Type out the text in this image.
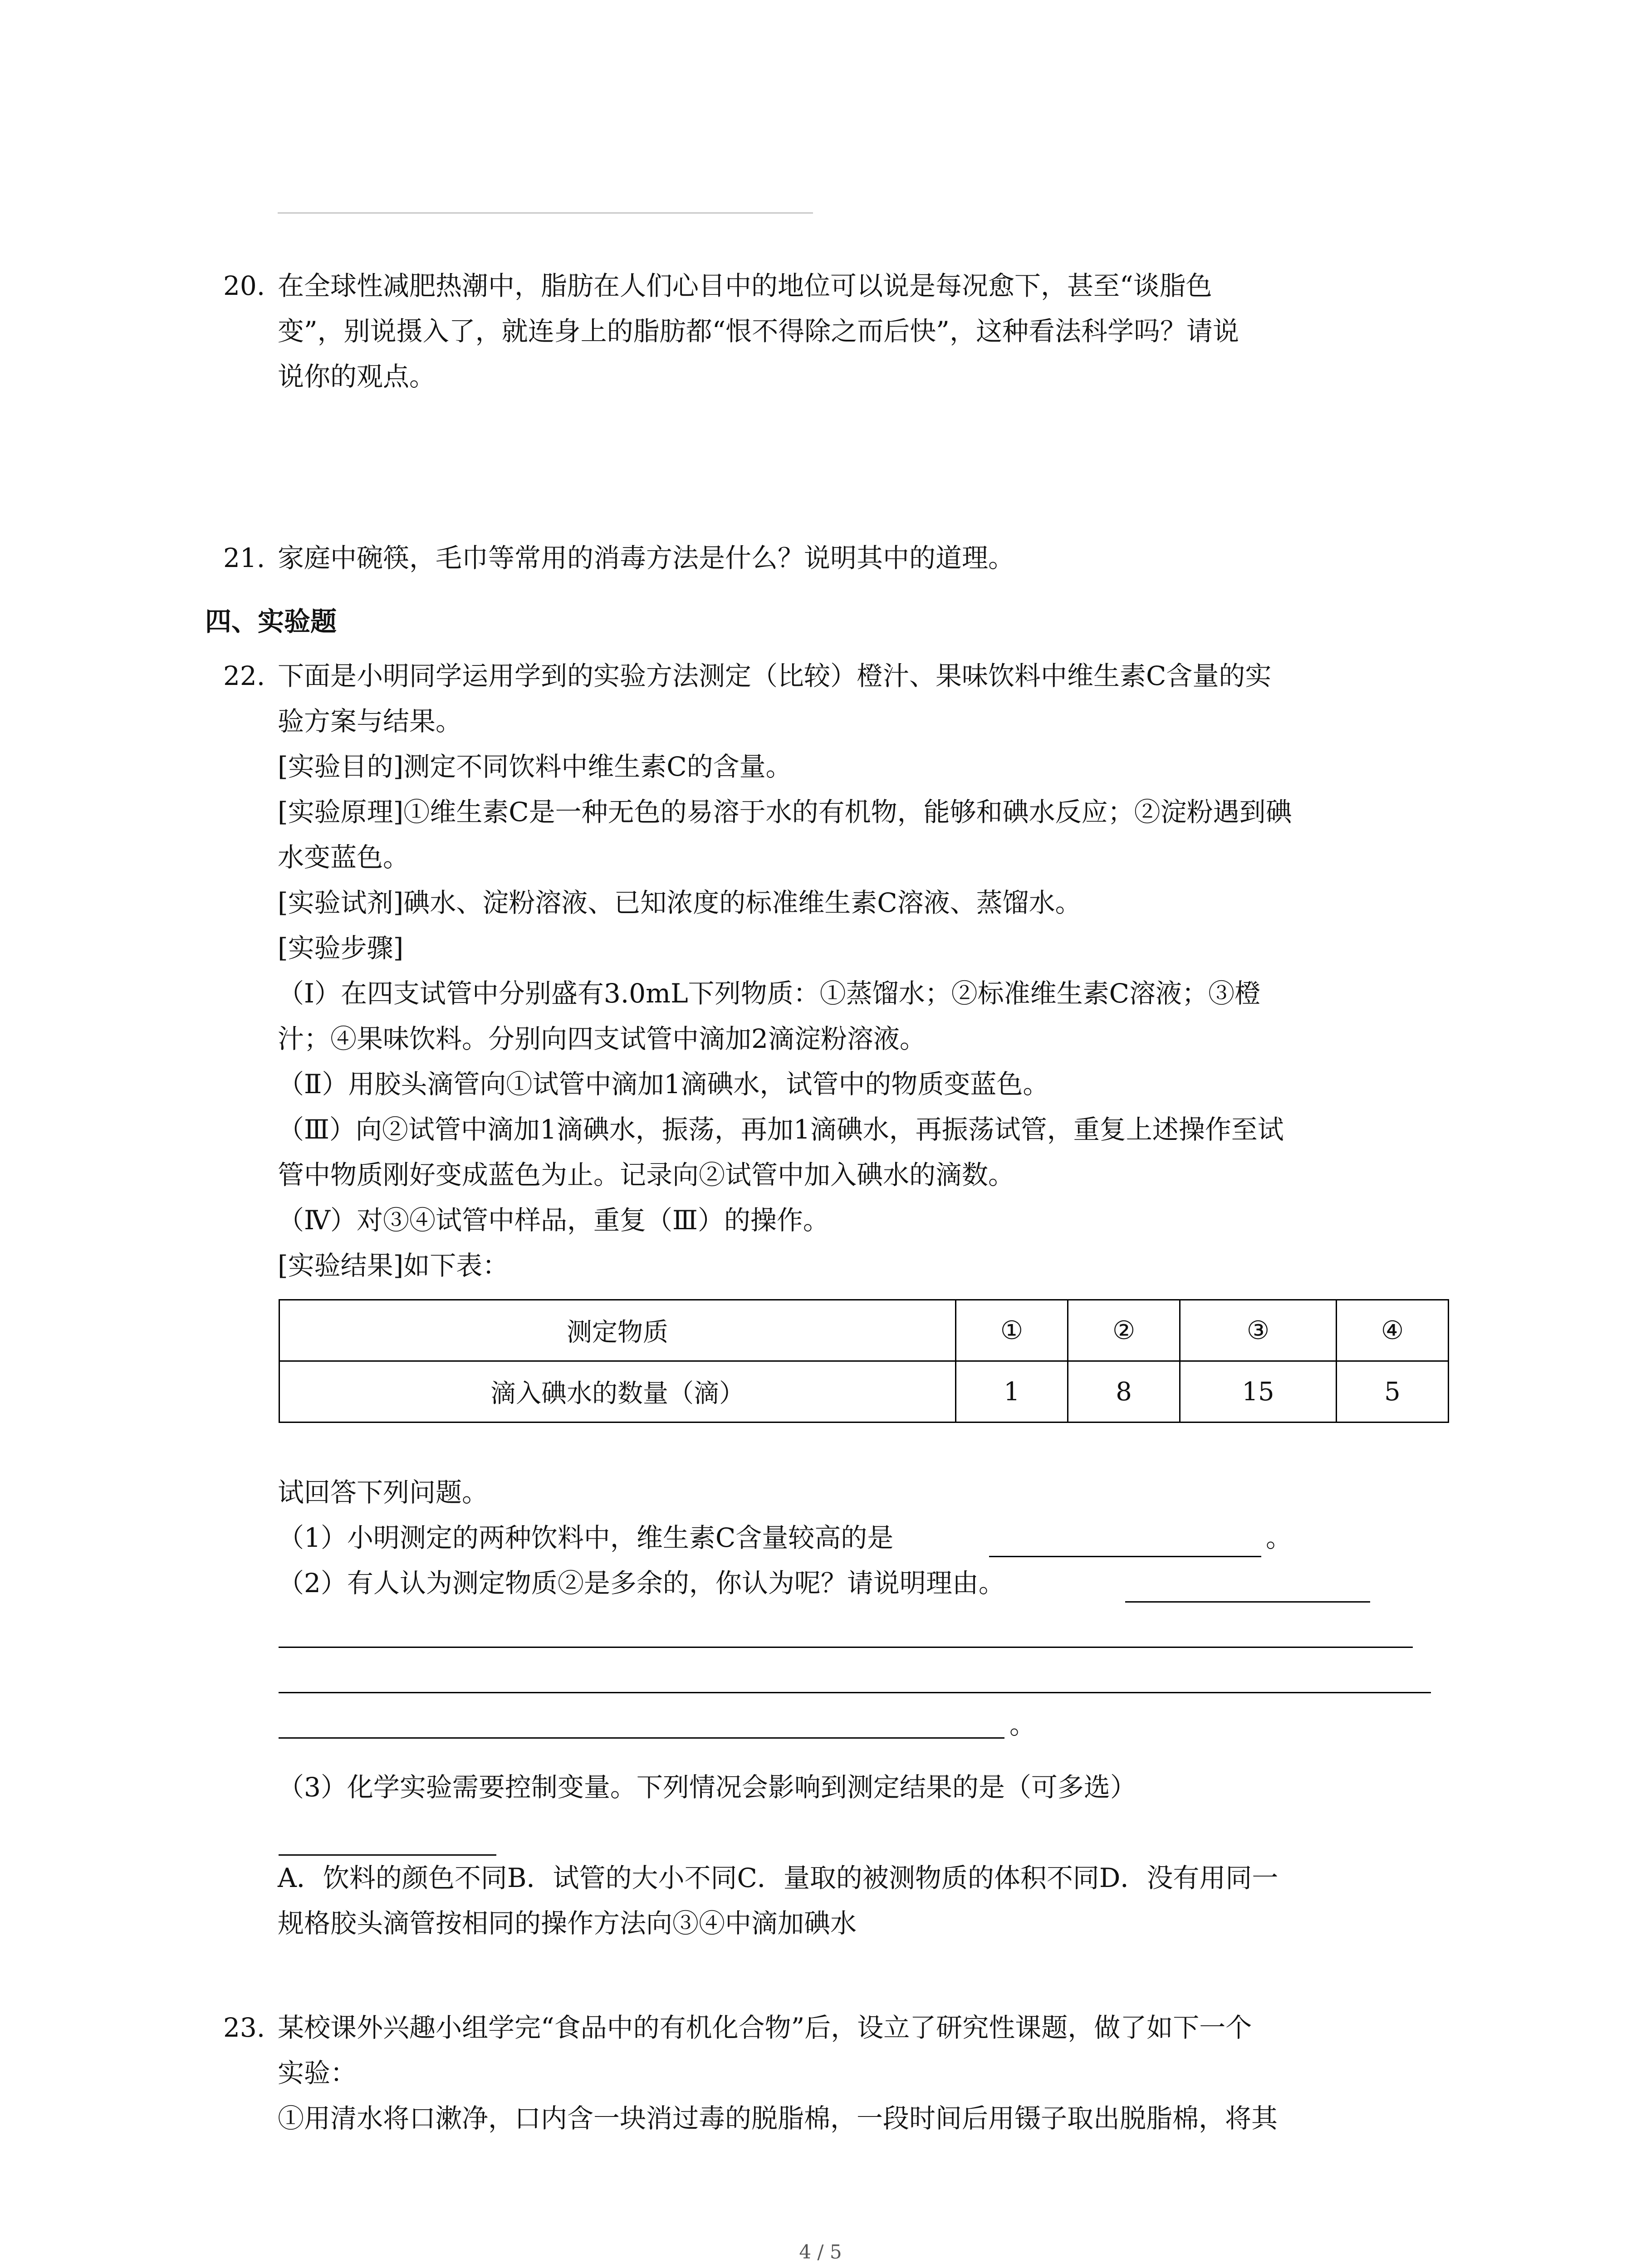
20. 在全球性减肥热潮中，脂肪在人们心目中的地位可以说是每况愈下，甚至“谈脂色
变”，别说摄入了，就连身上的脂肪都“恨不得除之而后快”，这种看法科学吗？请说
说你的观点。
21. 家庭中碗筷，毛巾等常用的消毒方法是什么？说明其中的道理。
四、实验题
22. 下面是小明同学运用学到的实验方法测定（比较）橙汁、果味饮料中维生素C含量的实
验方案与结果。
[实验目的]测定不同饮料中维生素C的含量。
[实验原理]①维生素C是一种无色的易溶于水的有机物，能够和碘水反应；②淀粉遇到碘
水变蓝色。
[实验试剂]碘水、淀粉溶液、已知浓度的标准维生素C溶液、蒸馏水。
[实验步骤]
（Ⅰ）在四支试管中分别盛有3.0mL下列物质：①蒸馏水；②标准维生素C溶液；③橙
汁；④果味饮料。分别向四支试管中滴加2滴淀粉溶液。
（Ⅱ）用胶头滴管向①试管中滴加1滴碘水，试管中的物质变蓝色。
（Ⅲ）向②试管中滴加1滴碘水，振荡，再加1滴碘水，再振荡试管，重复上述操作至试
管中物质刚好变成蓝色为止。记录向②试管中加入碘水的滴数。
（Ⅳ）对③④试管中样品，重复（Ⅲ）的操作。
[实验结果]如下表：
测定物质	①	②	③	④
滴入碘水的数量（滴）	1	8	15	5
试回答下列问题。
（1）小明测定的两种饮料中，维生素C含量较高的是	。
（2）有人认为测定物质②是多余的，你认为呢？请说明理由。
。
（3）化学实验需要控制变量。下列情况会影响到测定结果的是（可多选）
A．饮料的颜色不同B．试管的大小不同C．量取的被测物质的体积不同D．没有用同一
规格胶头滴管按相同的操作方法向③④中滴加碘水
23. 某校课外兴趣小组学完“食品中的有机化合物”后，设立了研究性课题，做了如下一个
实验：
①用清水将口漱净，口内含一块消过毒的脱脂棉，一段时间后用镊子取出脱脂棉，将其
4 / 5
